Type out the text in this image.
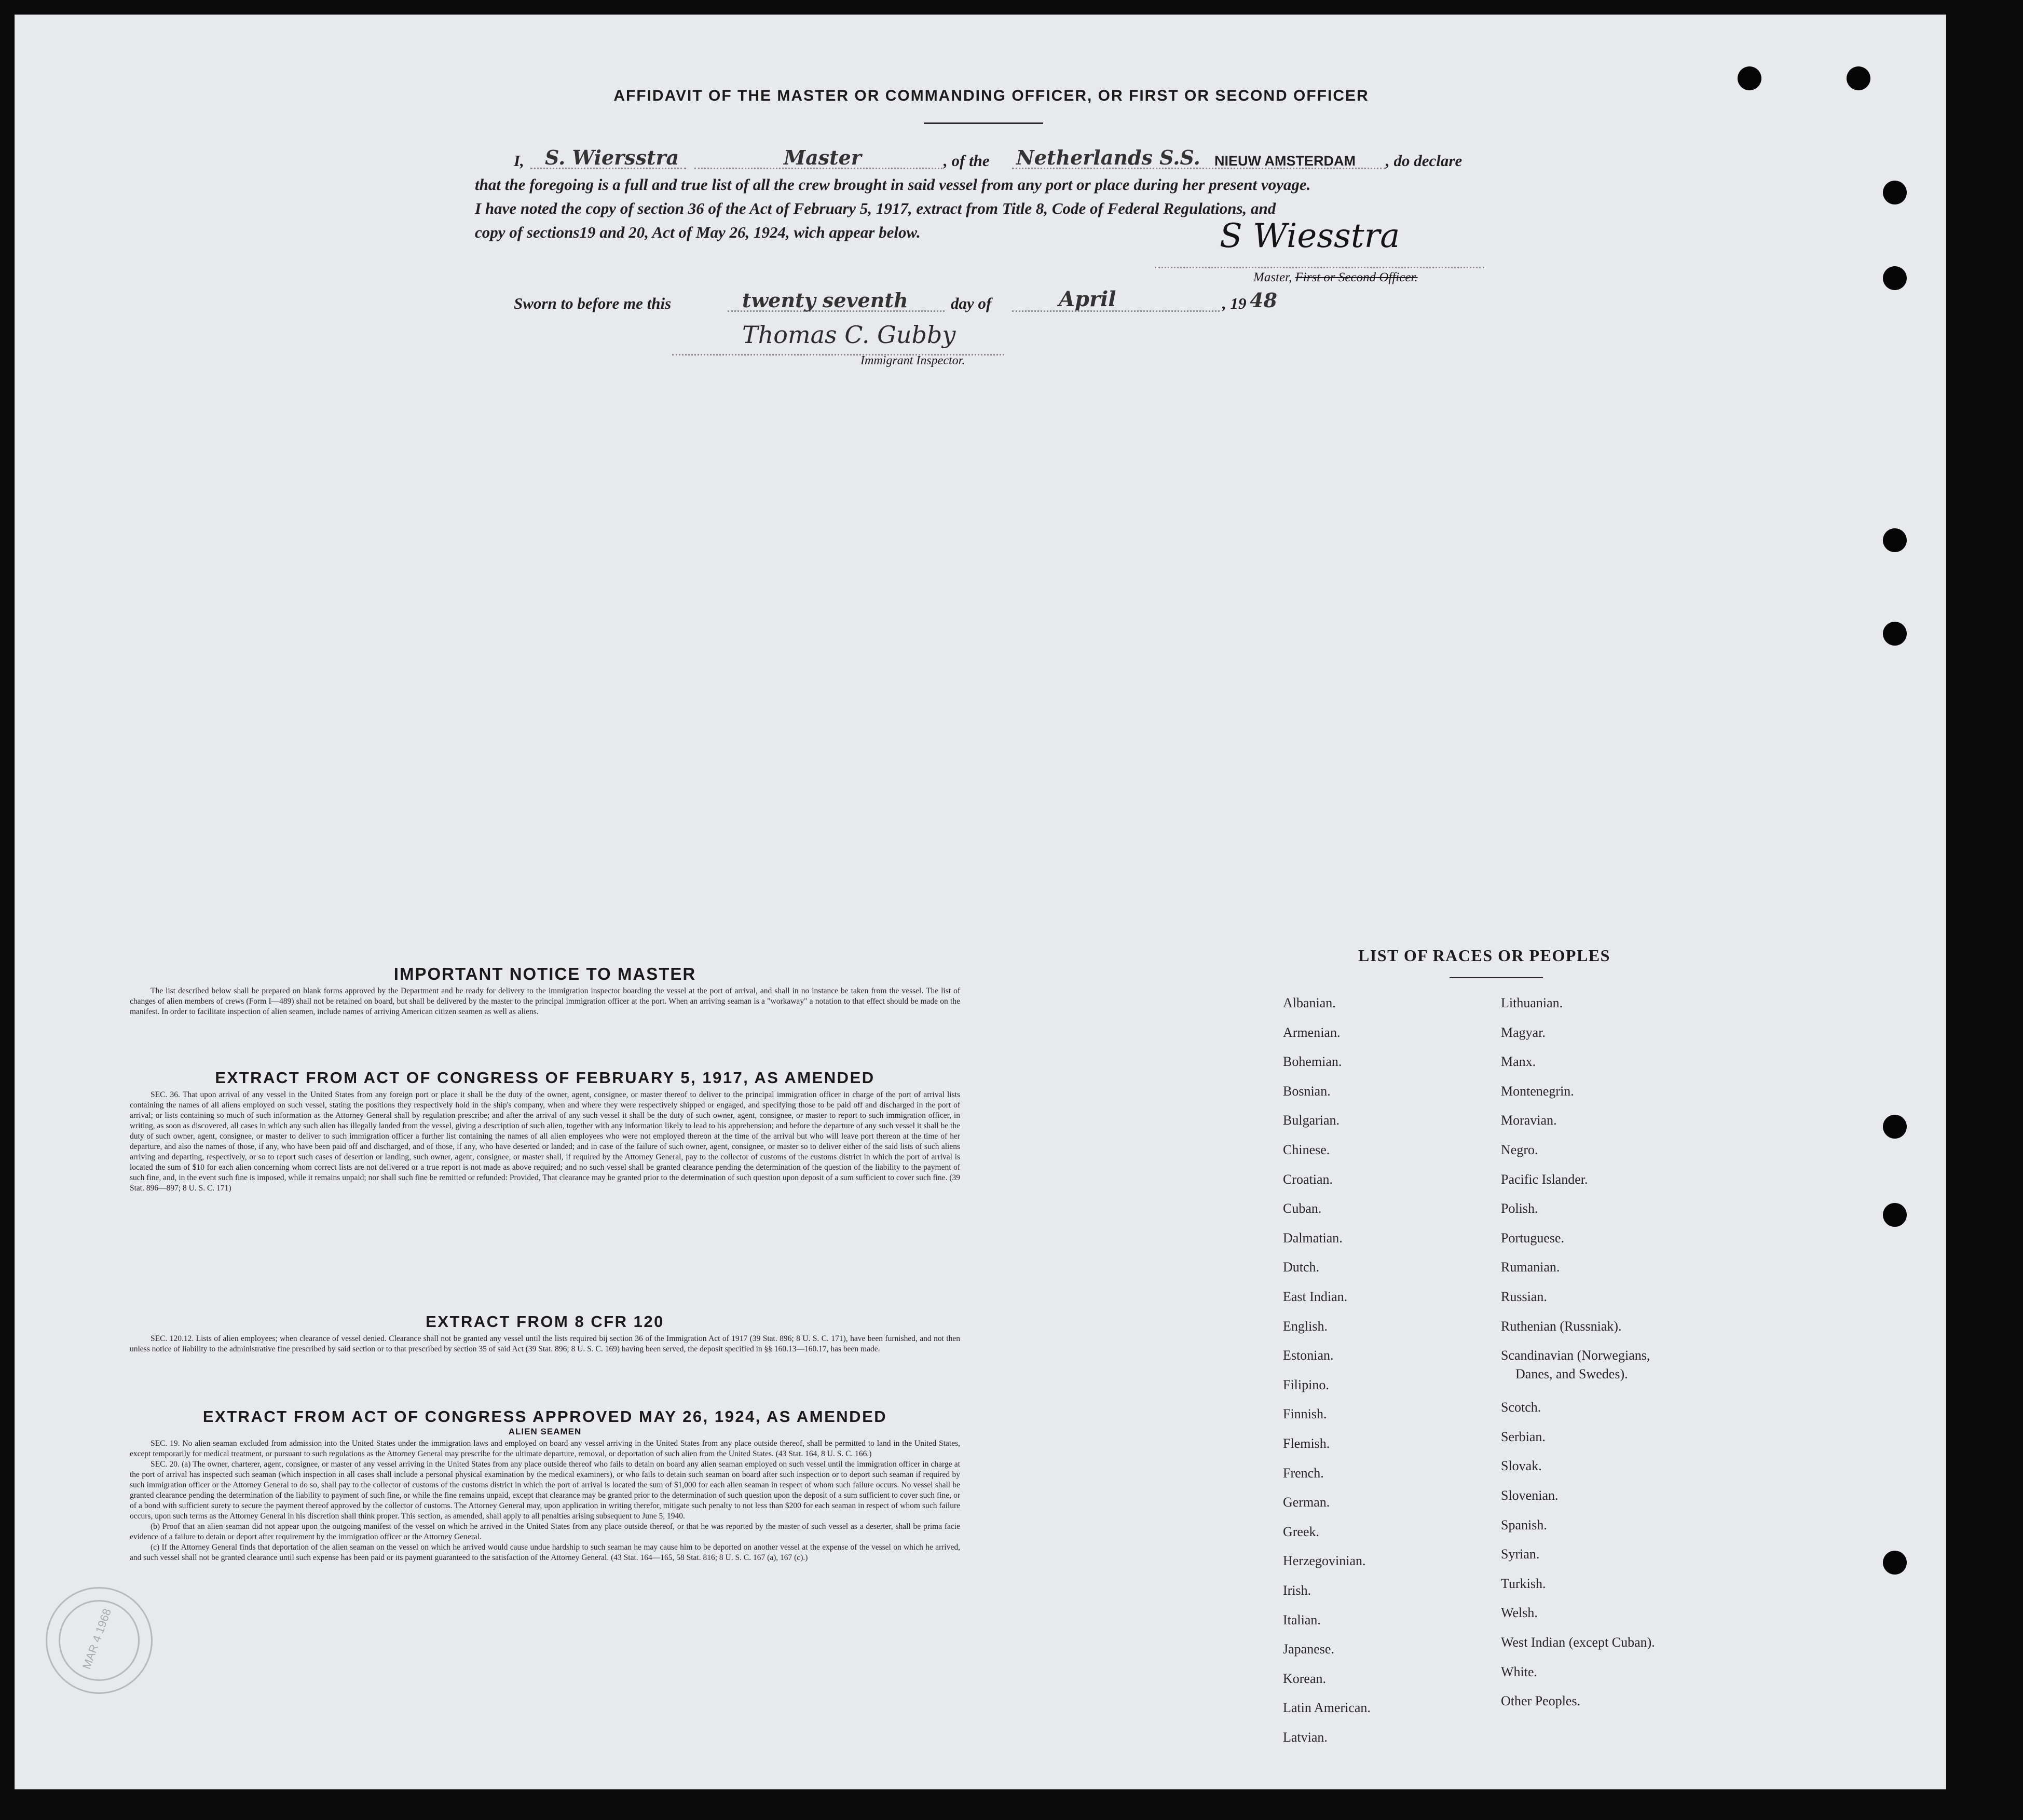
AFFIDAVIT OF THE MASTER OR COMMANDING OFFICER, OR FIRST OR SECOND OFFICER
I, S. Wiersstra	Master	, of the Netherlands S.S. NIEUW AMSTERDAM , do declare
that the foregoing is a full and true list of all the crew brought in said vessel from any port or place during her present voyage.
I have noted the copy of section 36 of the Act of February 5, 1917, extract from Title 8, Code of Federal Regulations, and
copy of sections19 and 20, Act of May 26, 1924, wich appear below.	S Wiesstra
Master, First or Second Officer.
Sworn to before me this	twenty seventh	day of	April	, 19 48
Thomas C. Gubby
Immigrant Inspector.
IMPORTANT NOTICE TO MASTER
The list described below shall be prepared on blank forms approved by the Department and be ready for delivery to the immigration inspector boarding the vessel at the port of arrival, and shall in no instance be taken from the vessel. The list of changes of alien members of crews (Form I—489) shall not be retained on board, but shall be delivered by the master to the principal immigration officer at the port. When an arriving seaman is a "workaway" a notation to that effect should be made on the manifest. In order to facilitate inspection of alien seamen, include names of arriving American citizen seamen as well as aliens.
EXTRACT FROM ACT OF CONGRESS OF FEBRUARY 5, 1917, AS AMENDED
SEC. 36. That upon arrival of any vessel in the United States from any foreign port or place it shall be the duty of the owner, agent, consignee, or master thereof to deliver to the principal immigration officer in charge of the port of arrival lists containing the names of all aliens employed on such vessel, stating the positions they respectively hold in the ship's company, when and where they were respectively shipped or engaged, and specifying those to be paid off and discharged in the port of arrival; or lists containing so much of such information as the Attorney General shall by regulation prescribe; and after the arrival of any such vessel it shall be the duty of such owner, agent, consignee, or master to report to such immigration officer, in writing, as soon as discovered, all cases in which any such alien has illegally landed from the vessel, giving a description of such alien, together with any information likely to lead to his apprehension; and before the departure of any such vessel it shall be the duty of such owner, agent, consignee, or master to deliver to such immigration officer a further list containing the names of all alien employees who were not employed thereon at the time of the arrival but who will leave port thereon at the time of her departure, and also the names of those, if any, who have been paid off and discharged, and of those, if any, who have deserted or landed; and in case of the failure of such owner, agent, consignee, or master so to deliver either of the said lists of such aliens arriving and departing, respectively, or so to report such cases of desertion or landing, such owner, agent, consignee, or master shall, if required by the Attorney General, pay to the collector of customs of the customs district in which the port of arrival is located the sum of $10 for each alien concerning whom correct lists are not delivered or a true report is not made as above required; and no such vessel shall be granted clearance pending the determination of the question of the liability to the payment of such fine, and, in the event such fine is imposed, while it remains unpaid; nor shall such fine be remitted or refunded: Provided, That clearance may be granted prior to the determination of such question upon deposit of a sum sufficient to cover such fine. (39 Stat. 896—897; 8 U. S. C. 171)
EXTRACT FROM 8 CFR 120
SEC. 120.12. Lists of alien employees; when clearance of vessel denied. Clearance shall not be granted any vessel until the lists required bij section 36 of the Immigration Act of 1917 (39 Stat. 896; 8 U. S. C. 171), have been furnished, and not then unless notice of liability to the administrative fine prescribed by said section or to that prescribed by section 35 of said Act (39 Stat. 896; 8 U. S. C. 169) having been served, the deposit specified in §§ 160.13—160.17, has been made.
EXTRACT FROM ACT OF CONGRESS APPROVED MAY 26, 1924, AS AMENDED
ALIEN SEAMEN
SEC. 19. No alien seaman excluded from admission into the United States under the immigration laws and employed on board any vessel arriving in the United States from any place outside thereof, shall be permitted to land in the United States, except temporarily for medical treatment, or pursuant to such regulations as the Attorney General may prescribe for the ultimate departure, removal, or deportation of such alien from the United States. (43 Stat. 164, 8 U. S. C. 166.)
SEC. 20. (a) The owner, charterer, agent, consignee, or master of any vessel arriving in the United States from any place outside thereof who fails to detain on board any alien seaman employed on such vessel until the immigration officer in charge at the port of arrival has inspected such seaman (which inspection in all cases shall include a personal physical examination by the medical examiners), or who fails to detain such seaman on board after such inspection or to deport such seaman if required by such immigration officer or the Attorney General to do so, shall pay to the collector of customs of the customs district in which the port of arrival is located the sum of $1,000 for each alien seaman in respect of whom such failure occurs. No vessel shall be granted clearance pending the determination of the liability to payment of such fine, or while the fine remains unpaid, except that clearance may be granted prior to the determination of such question upon the deposit of a sum sufficient to cover such fine, or of a bond with sufficient surety to secure the payment thereof approved by the collector of customs. The Attorney General may, upon application in writing therefor, mitigate such penalty to not less than $200 for each seaman in respect of whom such failure occurs, upon such terms as the Attorney General in his discretion shall think proper. This section, as amended, shall apply to all penalties arising subsequent to June 5, 1940.
(b) Proof that an alien seaman did not appear upon the outgoing manifest of the vessel on which he arrived in the United States from any place outside thereof, or that he was reported by the master of such vessel as a deserter, shall be prima facie evidence of a failure to detain or deport after requirement by the immigration officer or the Attorney General.
(c) If the Attorney General finds that deportation of the alien seaman on the vessel on which he arrived would cause undue hardship to such seaman he may cause him to be deported on another vessel at the expense of the vessel on which he arrived, and such vessel shall not be granted clearance until such expense has been paid or its payment guaranteed to the satisfaction of the Attorney General. (43 Stat. 164—165, 58 Stat. 816; 8 U. S. C. 167 (a), 167 (c).)
MAR 4 1968
LIST OF RACES OR PEOPLES
Albanian.
Armenian.
Bohemian.
Bosnian.
Bulgarian.
Chinese.
Croatian.
Cuban.
Dalmatian.
Dutch.
East Indian.
English.
Estonian.
Filipino.
Finnish.
Flemish.
French.
German.
Greek.
Herzegovinian.
Irish.
Italian.
Japanese.
Korean.
Latin American.
Latvian.
Lithuanian.
Magyar.
Manx.
Montenegrin.
Moravian.
Negro.
Pacific Islander.
Polish.
Portuguese.
Rumanian.
Russian.
Ruthenian (Russniak).
Scandinavian (Norwegians,
Danes, and Swedes).
Scotch.
Serbian.
Slovak.
Slovenian.
Spanish.
Syrian.
Turkish.
Welsh.
West Indian (except Cuban).
White.
Other Peoples.
